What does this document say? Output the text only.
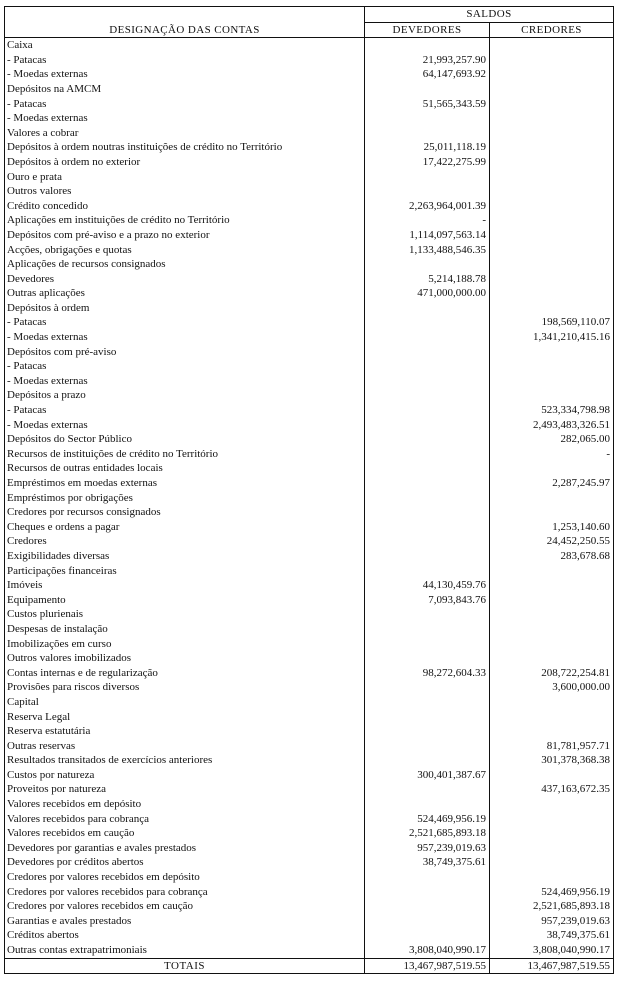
DESIGNAÇÃO DAS CONTAS	SALDOS	
	DEVEDORES	CREDORES
Caixa		
- Patacas	21,993,257.90	
- Moedas externas	64,147,693.92	
Depósitos na AMCM		
- Patacas	51,565,343.59	
- Moedas externas		
Valores a cobrar		
Depósitos à ordem noutras instituições de crédito no Território	25,011,118.19	
Depósitos à ordem no exterior	17,422,275.99	
Ouro e prata		
Outros valores		
Crédito concedido	2,263,964,001.39	
Aplicações em instituições de crédito no Território	-	
Depósitos com pré-aviso e a prazo no exterior	1,114,097,563.14	
Acções, obrigações e quotas	1,133,488,546.35	
Aplicações de recursos consignados		
Devedores	5,214,188.78	
Outras aplicações	471,000,000.00	
Depósitos à ordem		
- Patacas		198,569,110.07
- Moedas externas		1,341,210,415.16
Depósitos com pré-aviso		
- Patacas		
- Moedas externas		
Depósitos a prazo		
- Patacas		523,334,798.98
- Moedas externas		2,493,483,326.51
Depósitos do Sector Público		282,065.00
Recursos de instituições de crédito no Território		-
Recursos de outras entidades locais		
Empréstimos em moedas externas		2,287,245.97
Empréstimos por obrigações		
Credores por recursos consignados		
Cheques e ordens a pagar		1,253,140.60
Credores		24,452,250.55
Exigibilidades diversas		283,678.68
Participações financeiras		
Imóveis	44,130,459.76	
Equipamento	7,093,843.76	
Custos plurienais		
Despesas de instalação		
Imobilizações em curso		
Outros valores imobilizados		
Contas internas e de regularização	98,272,604.33	208,722,254.81
Provisões para riscos diversos		3,600,000.00
Capital		
Reserva Legal		
Reserva estatutária		
Outras reservas		81,781,957.71
Resultados transitados de exercícios anteriores		301,378,368.38
Custos por natureza	300,401,387.67	
Proveitos por natureza		437,163,672.35
Valores recebidos em depósito		
Valores recebidos para cobrança	524,469,956.19	
Valores recebidos em caução	2,521,685,893.18	
Devedores por garantias e avales prestados	957,239,019.63	
Devedores por créditos abertos	38,749,375.61	
Credores por valores recebidos em depósito		
Credores por valores recebidos para cobrança		524,469,956.19
Credores por valores recebidos em caução		2,521,685,893.18
Garantias e avales prestados		957,239,019.63
Créditos abertos		38,749,375.61
Outras contas extrapatrimoniais	3,808,040,990.17	3,808,040,990.17
TOTAIS	13,467,987,519.55	13,467,987,519.55
